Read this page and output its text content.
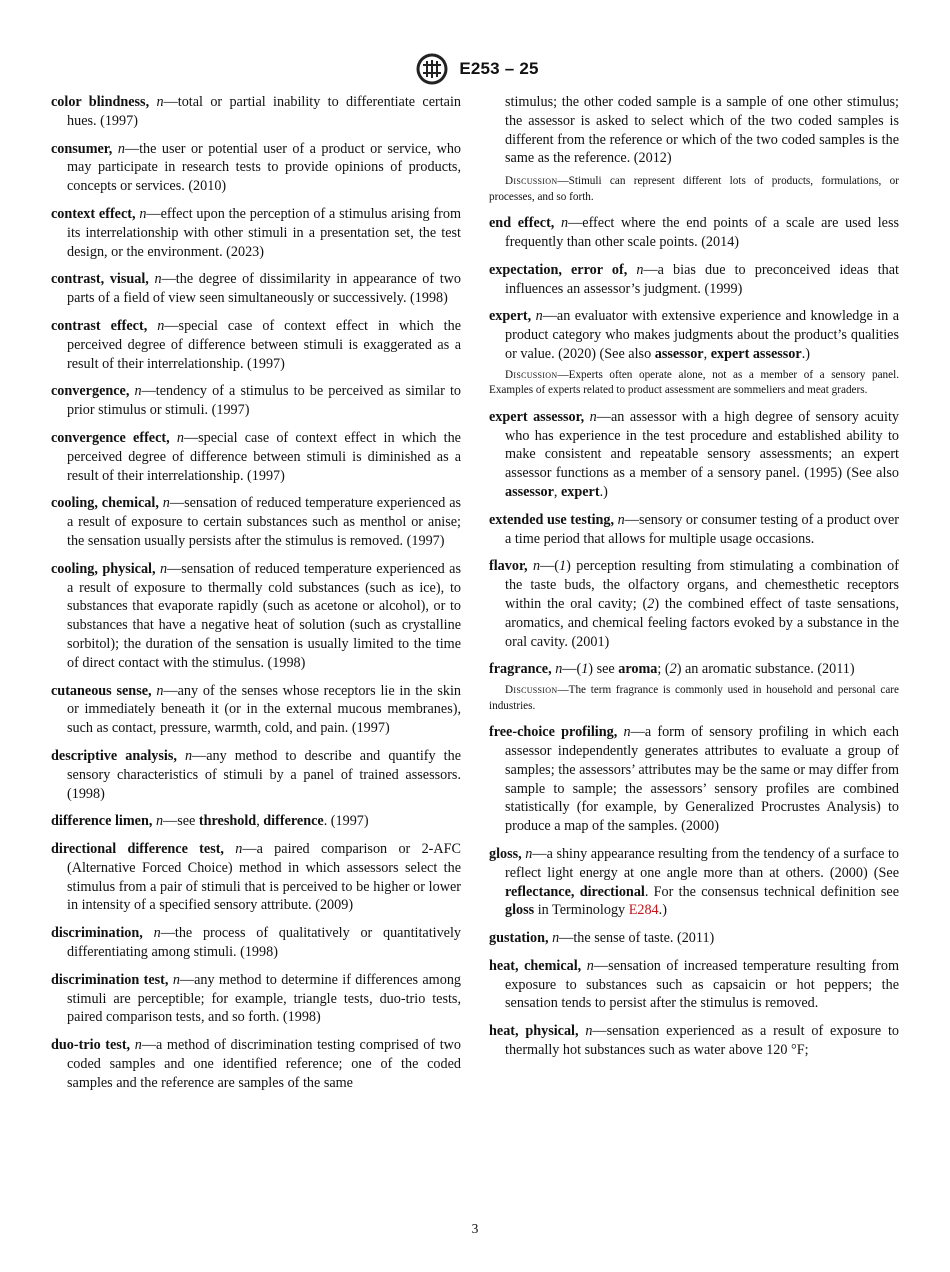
E253 – 25

color blindness, n—total or partial inability to differentiate certain hues. (1997)

consumer, n—the user or potential user of a product or service, who may participate in research tests to provide opinions of products, concepts or services. (2010)

context effect, n—effect upon the perception of a stimulus arising from its interrelationship with other stimuli in a presentation set, the test design, or the environment. (2023)

contrast, visual, n—the degree of dissimilarity in appearance of two parts of a field of view seen simultaneously or successively. (1998)

contrast effect, n—special case of context effect in which the perceived degree of difference between stimuli is exaggerated as a result of their interrelationship. (1997)

convergence, n—tendency of a stimulus to be perceived as similar to prior stimulus or stimuli. (1997)

convergence effect, n—special case of context effect in which the perceived degree of difference between stimuli is diminished as a result of their interrelationship. (1997)

cooling, chemical, n—sensation of reduced temperature experienced as a result of exposure to certain substances such as menthol or anise; the sensation usually persists after the stimulus is removed. (1997)

cooling, physical, n—sensation of reduced temperature experienced as a result of exposure to thermally cold substances (such as ice), to substances that evaporate rapidly (such as acetone or alcohol), or to substances that have a negative heat of solution (such as crystalline sorbitol); the duration of the sensation is usually limited to the time of direct contact with the stimulus. (1998)

cutaneous sense, n—any of the senses whose receptors lie in the skin or immediately beneath it (or in the external mucous membranes), such as contact, pressure, warmth, cold, and pain. (1997)

descriptive analysis, n—any method to describe and quantify the sensory characteristics of stimuli by a panel of trained assessors. (1998)

difference limen, n—see threshold, difference. (1997)

directional difference test, n—a paired comparison or 2-AFC (Alternative Forced Choice) method in which assessors select the stimulus from a pair of stimuli that is perceived to be higher or lower in intensity of a specified sensory attribute. (2009)

discrimination, n—the process of qualitatively or quantitatively differentiating among stimuli. (1998)

discrimination test, n—any method to determine if differences among stimuli are perceptible; for example, triangle tests, duo-trio tests, paired comparison tests, and so forth. (1998)

duo-trio test, n—a method of discrimination testing comprised of two coded samples and one identified reference; one of the coded samples and the reference are samples of the same

stimulus; the other coded sample is a sample of one other stimulus; the assessor is asked to select which of the two coded samples is different from the reference or which of the two coded samples is the same as the reference. (2012)

Discussion—Stimuli can represent different lots of products, formulations, or processes, and so forth.

end effect, n—effect where the end points of a scale are used less frequently than other scale points. (2014)

expectation, error of, n—a bias due to preconceived ideas that influences an assessor’s judgment. (1999)

expert, n—an evaluator with extensive experience and knowledge in a product category who makes judgments about the product’s qualities or value. (2020) (See also assessor, expert assessor.)

Discussion—Experts often operate alone, not as a member of a sensory panel. Examples of experts related to product assessment are sommeliers and meat graders.

expert assessor, n—an assessor with a high degree of sensory acuity who has experience in the test procedure and established ability to make consistent and repeatable sensory assessments; an expert assessor functions as a member of a sensory panel. (1995) (See also assessor, expert.)

extended use testing, n—sensory or consumer testing of a product over a time period that allows for multiple usage occasions.

flavor, n—(1) perception resulting from stimulating a combination of the taste buds, the olfactory organs, and chemesthetic receptors within the oral cavity; (2) the combined effect of taste sensations, aromatics, and chemical feeling factors evoked by a substance in the oral cavity. (2001)

fragrance, n—(1) see aroma; (2) an aromatic substance. (2011)

Discussion—The term fragrance is commonly used in household and personal care industries.

free-choice profiling, n—a form of sensory profiling in which each assessor independently generates attributes to evaluate a group of samples; the assessors’ attributes may be the same or may differ from sample to sample; the assessors’ sensory profiles are combined statistically (for example, by Generalized Procrustes Analysis) to produce a map of the samples. (2000)

gloss, n—a shiny appearance resulting from the tendency of a surface to reflect light energy at one angle more than at others. (2000) (See reflectance, directional. For the consensus technical definition see gloss in Terminology E284.)

gustation, n—the sense of taste. (2011)

heat, chemical, n—sensation of increased temperature resulting from exposure to substances such as capsaicin or hot peppers; the sensation tends to persist after the stimulus is removed.

heat, physical, n—sensation experienced as a result of exposure to thermally hot substances such as water above 120 °F;

3
